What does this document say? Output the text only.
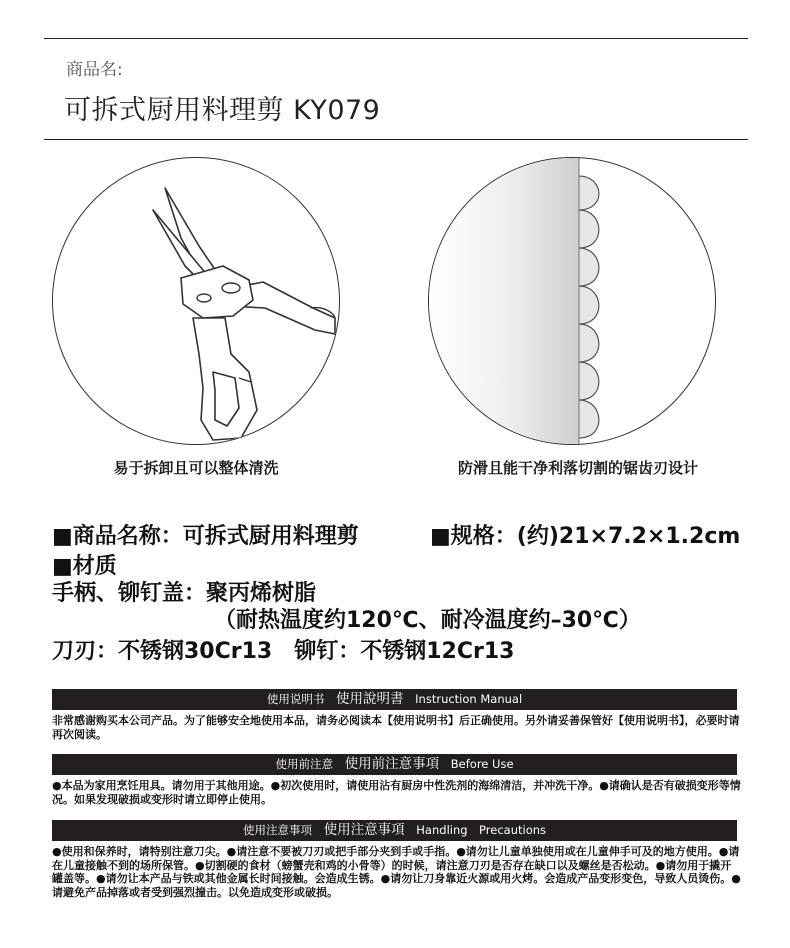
商品名:
可拆式厨用料理剪 KY079
易于拆卸且可以整体清洗	防滑且能干净利落切割的锯齿刃设计
■商品名称：可拆式厨用料理剪	■规格：(约)21×7.2×1.2cm
■材质
手柄、铆钉盖：聚丙烯树脂
（耐热温度约120℃、耐冷温度约–30℃）
刀刃：不锈钢30Cr13　铆钉：不锈钢12Cr13
使用说明书 使用說明書 Instruction Manual
非常感谢购买本公司产品。为了能够安全地使用本品，请务必阅读本【使用说明书】后正确使用。另外请妥善保管好【使用说明书】，必要时请再次阅读。
使用前注意 使用前注意事項 Before Use
●本品为家用烹饪用具。请勿用于其他用途。●初次使用时，请使用沾有厨房中性洗剂的海绵清洁，并冲洗干净。●请确认是否有破损变形等情况。如果发现破损或变形时请立即停止使用。
使用注意事项 使用注意事項 Handling　Precautions
●使用和保养时，请特别注意刀尖。●请注意不要被刀刃或把手部分夹到手或手指。●请勿让儿童单独使用或在儿童伸手可及的地方使用。●请在儿童接触不到的场所保管。●切割硬的食材（螃蟹壳和鸡的小骨等）的时候，请注意刀刃是否存在缺口以及螺丝是否松动。●请勿用于撬开罐盖等。●请勿让本产品与铁或其他金属长时间接触。会造成生锈。●请勿让刀身靠近火源或用火烤。会造成产品变形变色，导致人员烫伤。●请避免产品掉落或者受到强烈撞击。以免造成变形或破损。
